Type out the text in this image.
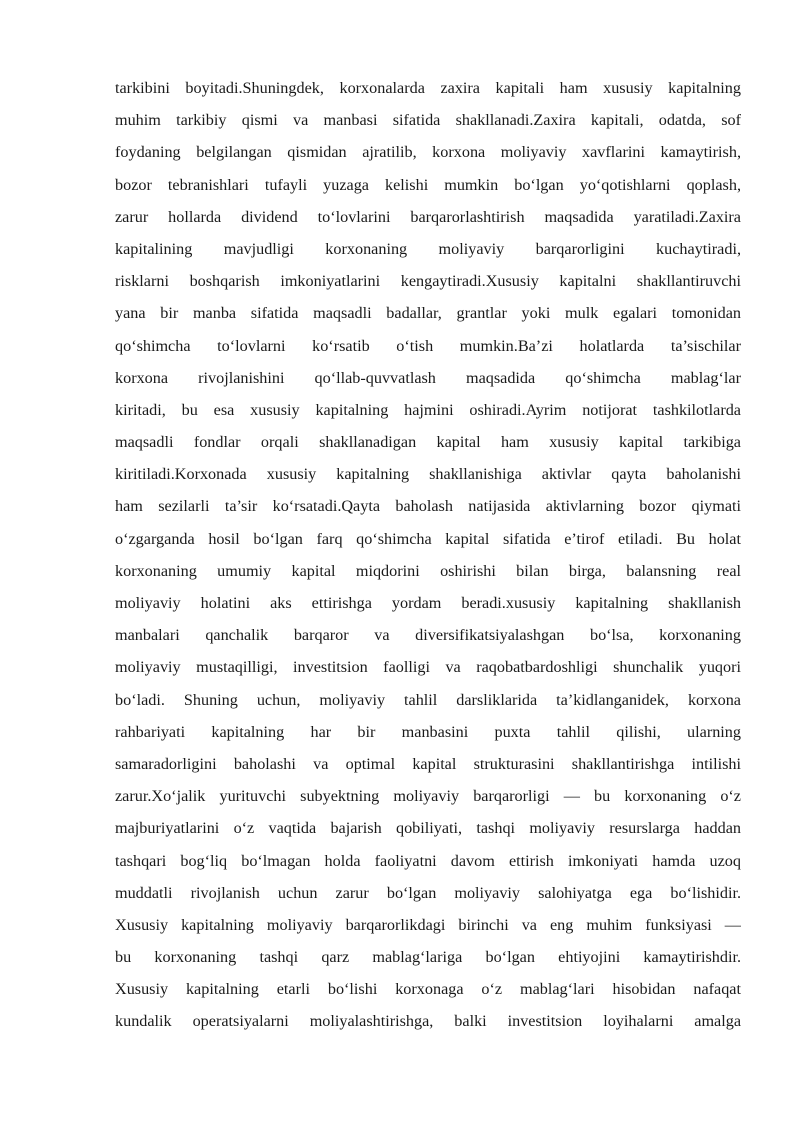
tarkibini boyitadi.Shuningdek, korxonalarda zaxira kapitali ham xususiy kapitalning
muhim tarkibiy qismi va manbasi sifatida shakllanadi.Zaxira kapitali, odatda, sof
foydaning belgilangan qismidan ajratilib, korxona moliyaviy xavflarini kamaytirish,
bozor tebranishlari tufayli yuzaga kelishi mumkin bo‘lgan yo‘qotishlarni qoplash,
zarur hollarda dividend to‘lovlarini barqarorlashtirish maqsadida yaratiladi.Zaxira
kapitalining mavjudligi korxonaning moliyaviy barqarorligini kuchaytiradi,
risklarni boshqarish imkoniyatlarini kengaytiradi.Xususiy kapitalni shakllantiruvchi
yana bir manba sifatida maqsadli badallar, grantlar yoki mulk egalari tomonidan
qo‘shimcha to‘lovlarni ko‘rsatib o‘tish mumkin.Ba’zi holatlarda ta’sischilar
korxona rivojlanishini qo‘llab-quvvatlash maqsadida qo‘shimcha mablag‘lar
kiritadi, bu esa xususiy kapitalning hajmini oshiradi.Ayrim notijorat tashkilotlarda
maqsadli fondlar orqali shakllanadigan kapital ham xususiy kapital tarkibiga
kiritiladi.Korxonada xususiy kapitalning shakllanishiga aktivlar qayta baholanishi
ham sezilarli ta’sir ko‘rsatadi.Qayta baholash natijasida aktivlarning bozor qiymati
o‘zgarganda hosil bo‘lgan farq qo‘shimcha kapital sifatida e’tirof etiladi. Bu holat
korxonaning umumiy kapital miqdorini oshirishi bilan birga, balansning real
moliyaviy holatini aks ettirishga yordam beradi.xususiy kapitalning shakllanish
manbalari qanchalik barqaror va diversifikatsiyalashgan bo‘lsa, korxonaning
moliyaviy mustaqilligi, investitsion faolligi va raqobatbardoshligi shunchalik yuqori
bo‘ladi. Shuning uchun, moliyaviy tahlil darsliklarida ta’kidlanganidek, korxona
rahbariyati kapitalning har bir manbasini puxta tahlil qilishi, ularning
samaradorligini baholashi va optimal kapital strukturasini shakllantirishga intilishi
zarur.Xo‘jalik yurituvchi subyektning moliyaviy barqarorligi — bu korxonaning o‘z
majburiyatlarini o‘z vaqtida bajarish qobiliyati, tashqi moliyaviy resurslarga haddan
tashqari bog‘liq bo‘lmagan holda faoliyatni davom ettirish imkoniyati hamda uzoq
muddatli rivojlanish uchun zarur bo‘lgan moliyaviy salohiyatga ega bo‘lishidir.
Xususiy kapitalning moliyaviy barqarorlikdagi birinchi va eng muhim funksiyasi —
bu korxonaning tashqi qarz mablag‘lariga bo‘lgan ehtiyojini kamaytirishdir.
Xususiy kapitalning etarli bo‘lishi korxonaga o‘z mablag‘lari hisobidan nafaqat
kundalik operatsiyalarni moliyalashtirishga, balki investitsion loyihalarni amalga
